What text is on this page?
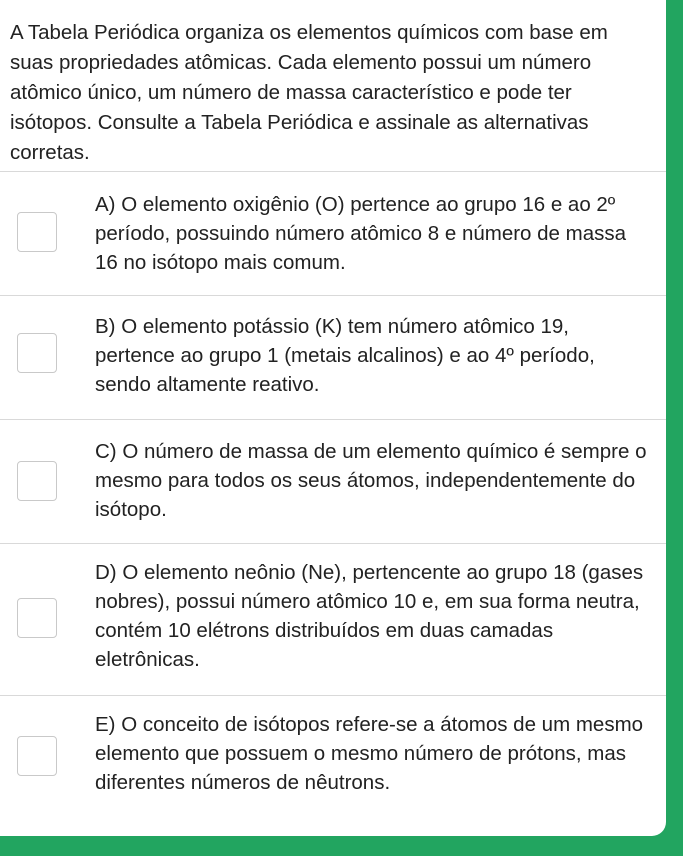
A Tabela Periódica organiza os elementos químicos com base em suas propriedades atômicas. Cada elemento possui um número atômico único, um número de massa característico e pode ter isótopos. Consulte a Tabela Periódica e assinale as alternativas corretas.

A) O elemento oxigênio (O) pertence ao grupo 16 e ao 2º período, possuindo número atômico 8 e número de massa 16 no isótopo mais comum.
B) O elemento potássio (K) tem número atômico 19, pertence ao grupo 1 (metais alcalinos) e ao 4º período, sendo altamente reativo.
C) O número de massa de um elemento químico é sempre o mesmo para todos os seus átomos, independentemente do isótopo.
D) O elemento neônio (Ne), pertencente ao grupo 18 (gases nobres), possui número atômico 10 e, em sua forma neutra, contém 10 elétrons distribuídos em duas camadas eletrônicas.
E) O conceito de isótopos refere-se a átomos de um mesmo elemento que possuem o mesmo número de prótons, mas diferentes números de nêutrons.
